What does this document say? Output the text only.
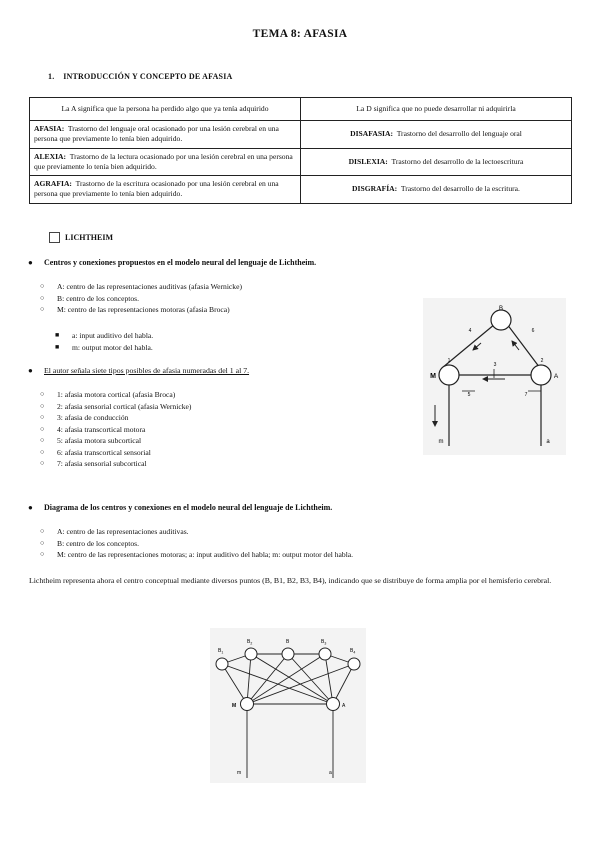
TEMA 8: AFASIA
1. INTRODUCCIÓN Y CONCEPTO DE AFASIA
La A significa que la persona ha perdido algo que ya tenía adquirido	La D significa que no puede desarrollar ni adquirirla
AFASIA: Trastorno del lenguaje oral ocasionado por una lesión cerebral en una persona que previamente lo tenía bien adquirido.	DISAFASIA: Trastorno del desarrollo del lenguaje oral
ALEXIA: Trastorno de la lectura ocasionado por una lesión cerebral en una persona que previamente lo tenía bien adquirido.	DISLEXIA: Trastorno del desarrollo de la lectoescritura
AGRAFIA: Trastorno de la escritura ocasionado por una lesión cerebral en una persona que previamente lo tenía bien adquirido.	DISGRAFÍA: Trastorno del desarrollo de la escritura.
LICHTHEIM
● Centros y conexiones propuestos en el modelo neural del lenguaje de Lichtheim.
○ A: centro de las representaciones auditivas (afasia Wernicke)
○ B: centro de los conceptos.
○ M: centro de las representaciones motoras (afasia Broca)
■ a: input auditivo del habla.
■ m: output motor del habla.
● El autor señala siete tipos posibles de afasia numeradas del 1 al 7.
○ 1: afasia motora cortical (afasia Broca)
○ 2: afasia sensorial cortical (afasia Wernicke)
○ 3: afasia de conducción
○ 4: afasia transcortical motora
○ 5: afasia motora subcortical
○ 6: afasia transcortical sensorial
○ 7: afasia sensorial subcortical
B
M	A
m	a
1	2
3
4
5
6
7
● Diagrama de los centros y conexiones en el modelo neural del lenguaje de Lichtheim.
○ A: centro de las representaciones auditivas.
○ B: centro de los conceptos.
○ M: centro de las representaciones motoras; a: input auditivo del habla; m: output motor del habla.
Lichtheim representa ahora el centro conceptual mediante diversos puntos (B, B1, B2, B3, B4), indicando que se distribuye de forma amplia por el hemisferio cerebral.
$B_1$
$B_2$	B	$B_3$
$B_4$
M	A
m	a
